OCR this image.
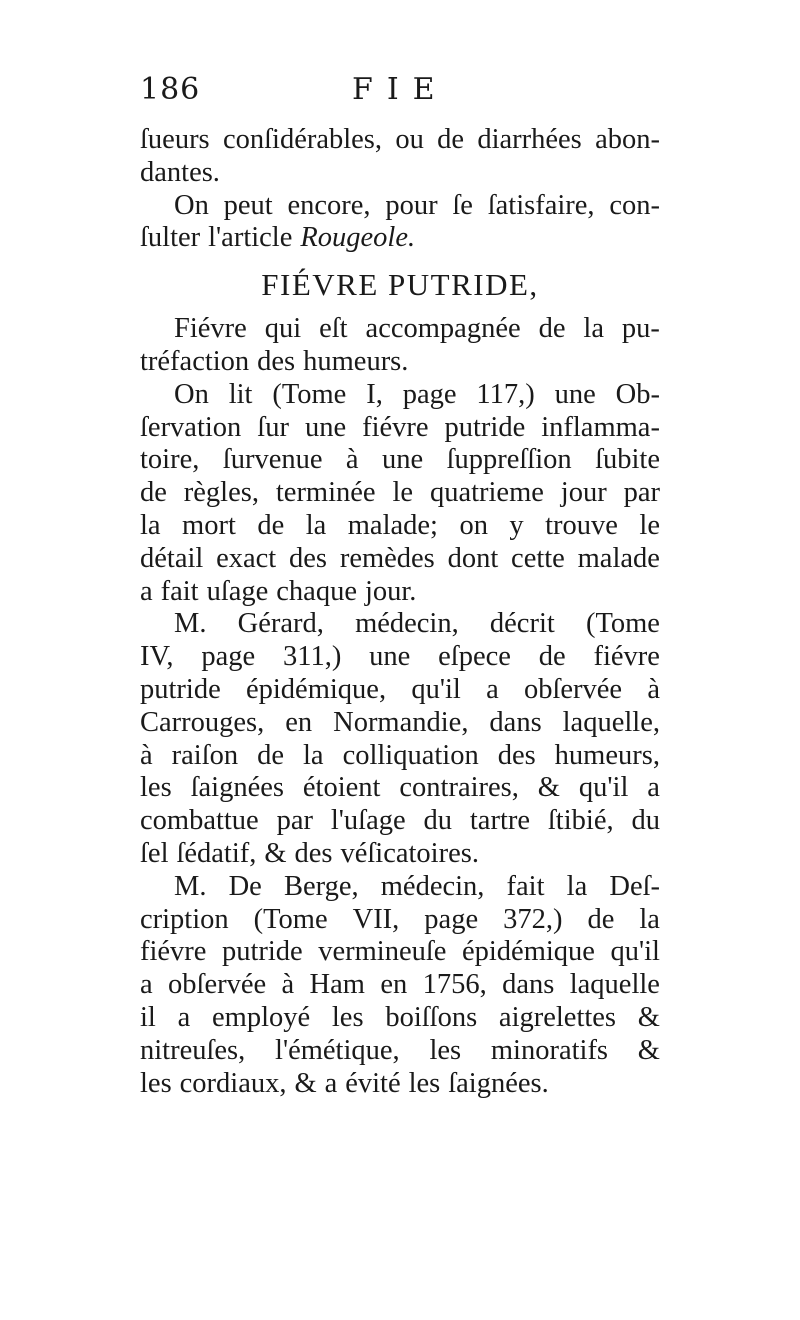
186	FIE
ſueurs conſidérables, ou de diarrhées abon-
dantes.
On peut encore, pour ſe ſatisfaire, con-
ſulter l'article Rougeole.
FIÉVRE PUTRIDE,
Fiévre qui eſt accompagnée de la pu-
tréfaction des humeurs.
On lit (Tome I, page 117,) une Ob-
ſervation ſur une fiévre putride inflamma-
toire, ſurvenue à une ſuppreſſion ſubite
de règles, terminée le quatrieme jour par
la mort de la malade; on y trouve le
détail exact des remèdes dont cette malade
a fait uſage chaque jour.
M. Gérard, médecin, décrit (Tome
IV, page 311,) une eſpece de fiévre
putride épidémique, qu'il a obſervée à
Carrouges, en Normandie, dans laquelle,
à raiſon de la colliquation des humeurs,
les ſaignées étoient contraires, & qu'il a
combattue par l'uſage du tartre ſtibié, du
ſel ſédatif, & des véſicatoires.
M. De Berge, médecin, fait la Deſ-
cription (Tome VII, page 372,) de la
fiévre putride vermineuſe épidémique qu'il
a obſervée à Ham en 1756, dans laquelle
il a employé les boiſſons aigrelettes &
nitreuſes, l'émétique, les minoratifs &
les cordiaux, & a évité les ſaignées.
